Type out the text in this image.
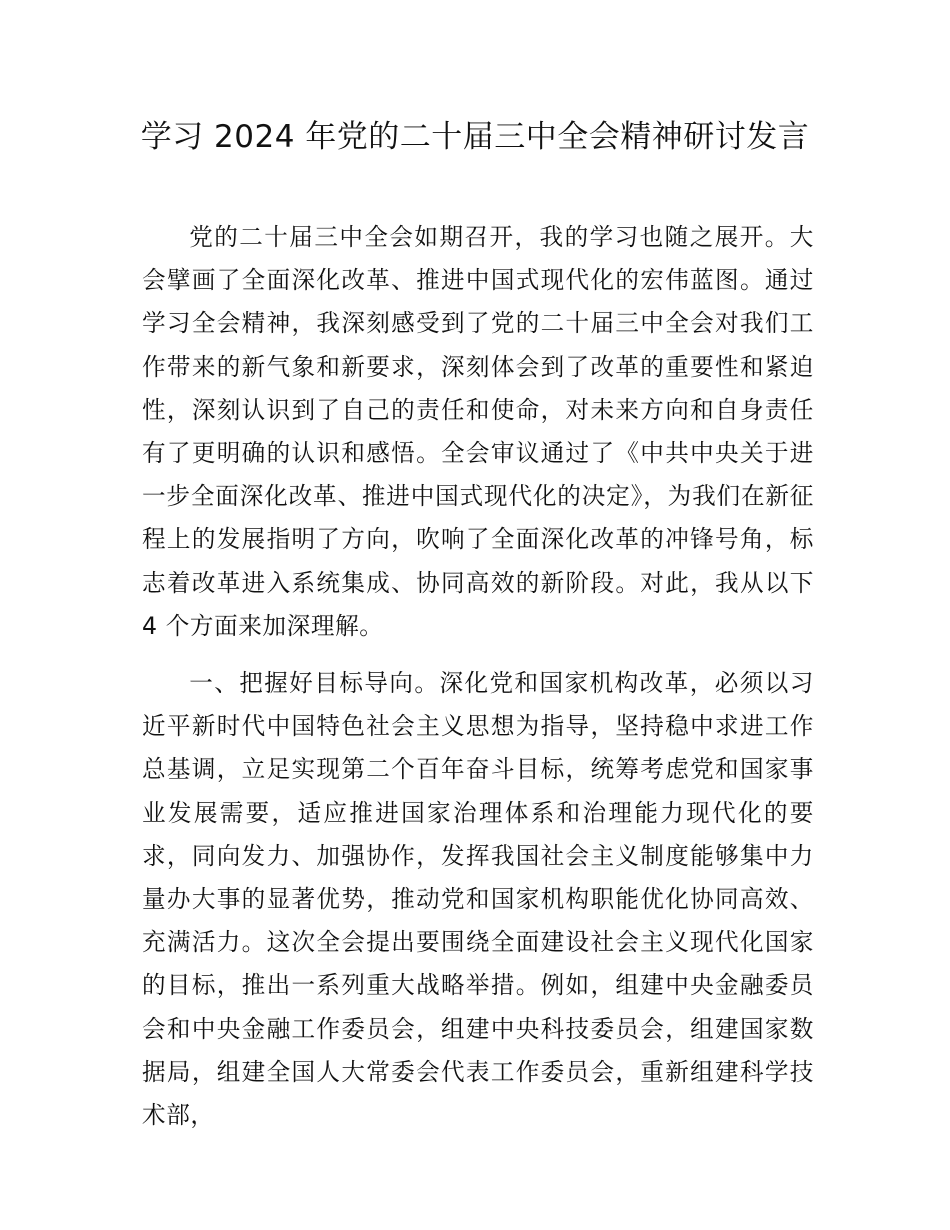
学习 2024 年党的二十届三中全会精神研讨发言

党的二十届三中全会如期召开，我的学习也随之展开。大会擘画了全面深化改革、推进中国式现代化的宏伟蓝图。通过学习全会精神，我深刻感受到了党的二十届三中全会对我们工作带来的新气象和新要求，深刻体会到了改革的重要性和紧迫性，深刻认识到了自己的责任和使命，对未来方向和自身责任有了更明确的认识和感悟。全会审议通过了《中共中央关于进一步全面深化改革、推进中国式现代化的决定》，为我们在新征程上的发展指明了方向，吹响了全面深化改革的冲锋号角，标志着改革进入系统集成、协同高效的新阶段。对此，我从以下 4 个方面来加深理解。

一、把握好目标导向。深化党和国家机构改革，必须以习近平新时代中国特色社会主义思想为指导，坚持稳中求进工作总基调，立足实现第二个百年奋斗目标，统筹考虑党和国家事业发展需要，适应推进国家治理体系和治理能力现代化的要求，同向发力、加强协作，发挥我国社会主义制度能够集中力量办大事的显著优势，推动党和国家机构职能优化协同高效、充满活力。这次全会提出要围绕全面建设社会主义现代化国家的目标，推出一系列重大战略举措。例如，组建中央金融委员会和中央金融工作委员会，组建中央科技委员会，组建国家数据局，组建全国人大常委会代表工作委员会，重新组建科学技术部，
